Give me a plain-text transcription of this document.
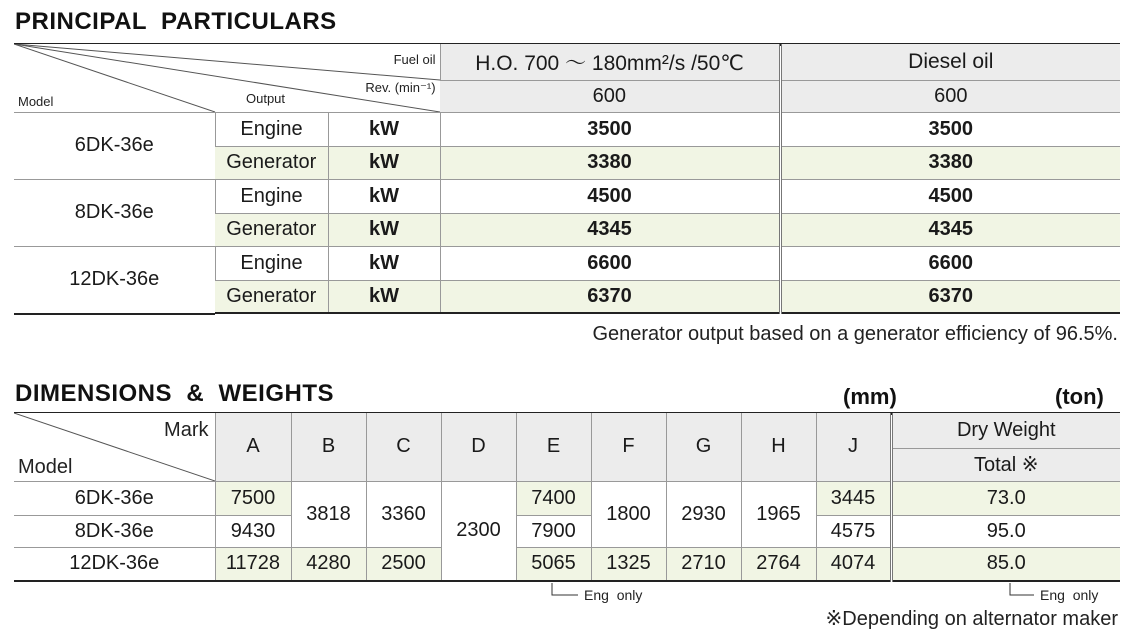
PRINCIPAL  PARTICULARS
Fuel oil
Rev. (min⁻¹)
Model Output			H.O. 700 ～ 180mm²/s /50℃	Diesel oil
			600	600
6DK-36e	Engine	kW	3500	3500
	Generator	kW	3380	3380
8DK-36e	Engine	kW	4500	4500
	Generator	kW	4345	4345
12DK-36e	Engine	kW	6600	6600
	Generator	kW	6370	6370
Generator output based on a generator efficiency of 96.5%.
DIMENSIONS  &  WEIGHTS	(mm)	(ton)
Mark
Model	A	B	C	D	E	F	G	H	J	Dry Weight
										Total ※
6DK-36e	7500	3818	3360	2300	7400	1800	2930	1965	3445	73.0
8DK-36e	9430				7900				4575	95.0
12DK-36e	11728	4280	2500		5065	1325	2710	2764	4074	85.0
Eng  only	Eng  only
※Depending on alternator maker
